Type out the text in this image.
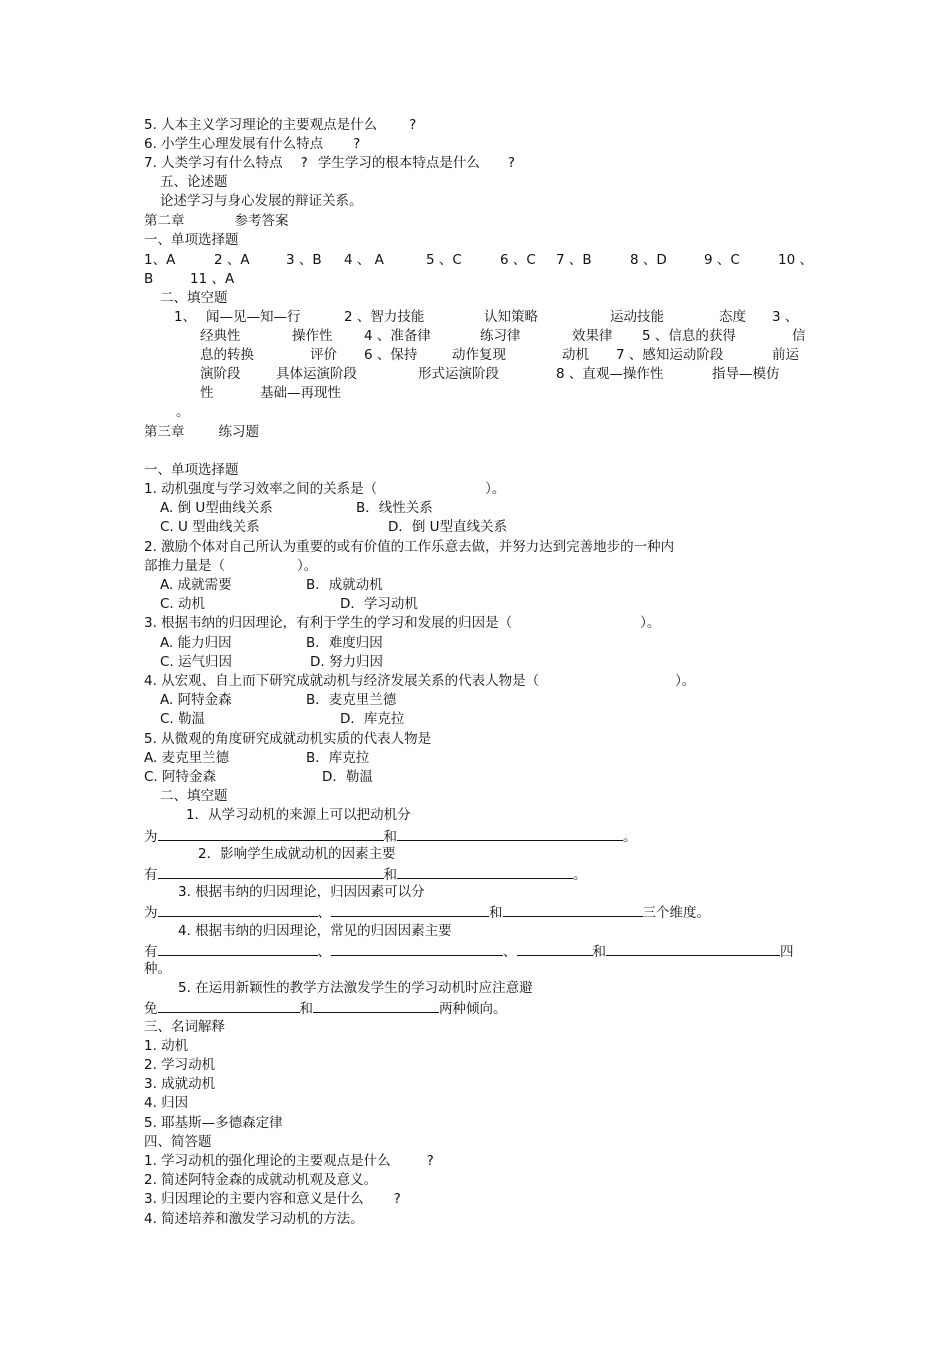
5. 人本主义学习理论的主要观点是什么 ?
6. 小学生心理发展有什么特点 ?
7. 人类学习有什么特点 ? 学生学习的根本特点是什么 ?
五、论述题
论述学习与身心发展的辩证关系。
第二章	参考答案
一、单项选择题
1、A	2 、A	3 、B 4 、 A	5 、C	6 、C 7 、B	8 、D	9 、C	10 、
B	11 、A
二、填空题
1、 闻—见—知—行	2 、智力技能	认知策略	运动技能	态度 3 、
经典性	操作性 4 、准备律	练习律	效果律 5 、信息的获得	信
息的转换	评价 6 、保持	动作复现	动机 7 、感知运动阶段	前运
演阶段	具体运演阶段	形式运演阶段	8 、直观—操作性	指导—模仿
性	基础—再现性
。
第三章	练习题
一、单项选择题
1. 动机强度与学习效率之间的关系是（	）。
A. 倒 U型曲线关系	B．线性关系
C. U 型曲线关系	D．倒 U型直线关系
2. 激励个体对自己所认为重要的或有价值的工作乐意去做，并努力达到完善地步的一种内
部推力量是（	）。
A. 成就需要	B．成就动机
C. 动机	D．学习动机
3. 根据韦纳的归因理论，有利于学生的学习和发展的归因是（	）。
A. 能力归因	B．难度归因
C. 运气归因	D. 努力归因
4. 从宏观、自上而下研究成就动机与经济发展关系的代表人物是（	）。
A. 阿特金森	B．麦克里兰德
C. 勒温	D．库克拉
5. 从微观的角度研究成就动机实质的代表人物是
A. 麦克里兰德	B．库克拉
C. 阿特金森	D．勒温
二、填空题
1．从学习动机的来源上可以把动机分
为	和	。
2．影响学生成就动机的因素主要
有	和	。
3. 根据韦纳的归因理论，归因因素可以分
为	、	和	三个维度。
4. 根据韦纳的归因理论，常见的归因因素主要
有	、	、	和	四
种。
5. 在运用新颖性的教学方法激发学生的学习动机时应注意避
免	和	两种倾向。
三、名词解释
1. 动机
2. 学习动机
3. 成就动机
4. 归因
5. 耶基斯—多德森定律
四、简答题
1. 学习动机的强化理论的主要观点是什么	?
2. 简述阿特金森的成就动机观及意义。
3. 归因理论的主要内容和意义是什么 ?
4. 简述培养和激发学习动机的方法。
